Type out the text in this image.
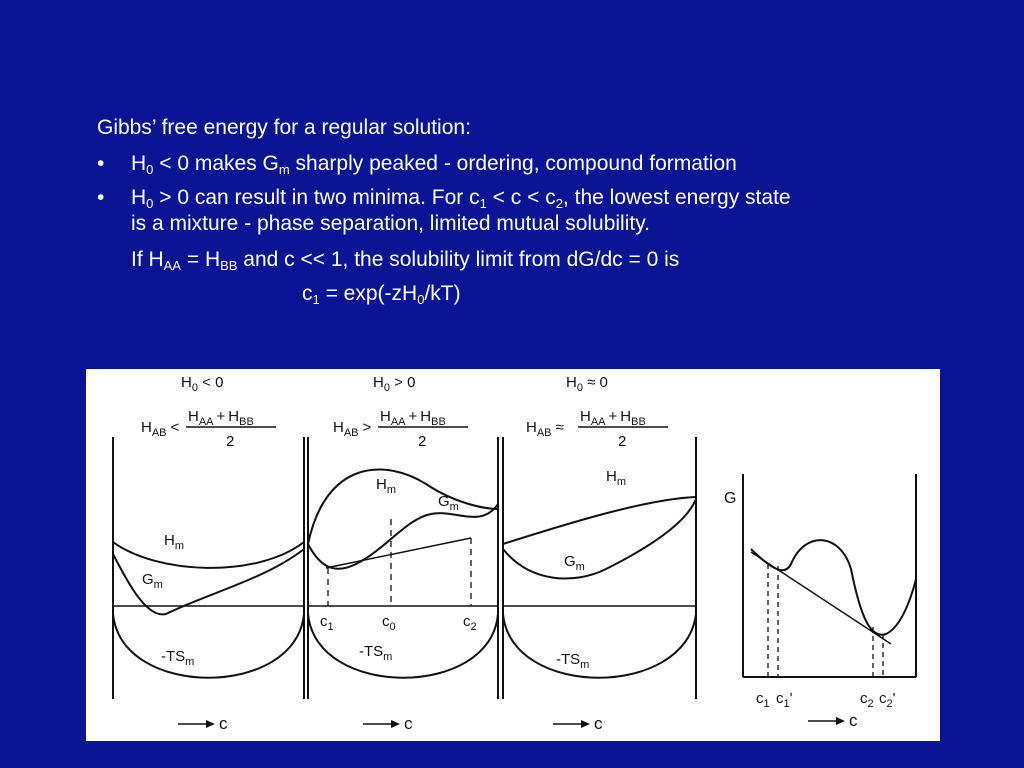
Gibbs’ free energy for a regular solution:
• $H_0 < 0$ makes $G_m$ sharply peaked - ordering, compound formation
• $H_0 > 0$ can result in two minima. For $c_1 < c < c_2$, the lowest energy state
is a mixture - phase separation, limited mutual solubility.
If $H_{AA} = H_{BB}$ and c << 1, the solubility limit from dG/dc = 0 is
$c_1 = \exp(-zH_0/kT)$
$H_0 < 0$
$H_{AB}$ <
$H_{AA} + H_{BB}$
2
$H_m$
$G_m$
$-TS_m$
c
$H_0 > 0$
$H_{AB}$ >
$H_{AA} + H_{BB}$
2
$H_m$
$G_m$
$c_1$	$c_0$	$c_2$
$-TS_m$
c
$H_0 \approx 0$
$H_{AB}$ ≈
$H_{AA} + H_{BB}$
2
$H_m$
$G_m$
$-TS_m$
c
G
$c_1$ $c_1'$	$c_2$ $c_2'$
c
